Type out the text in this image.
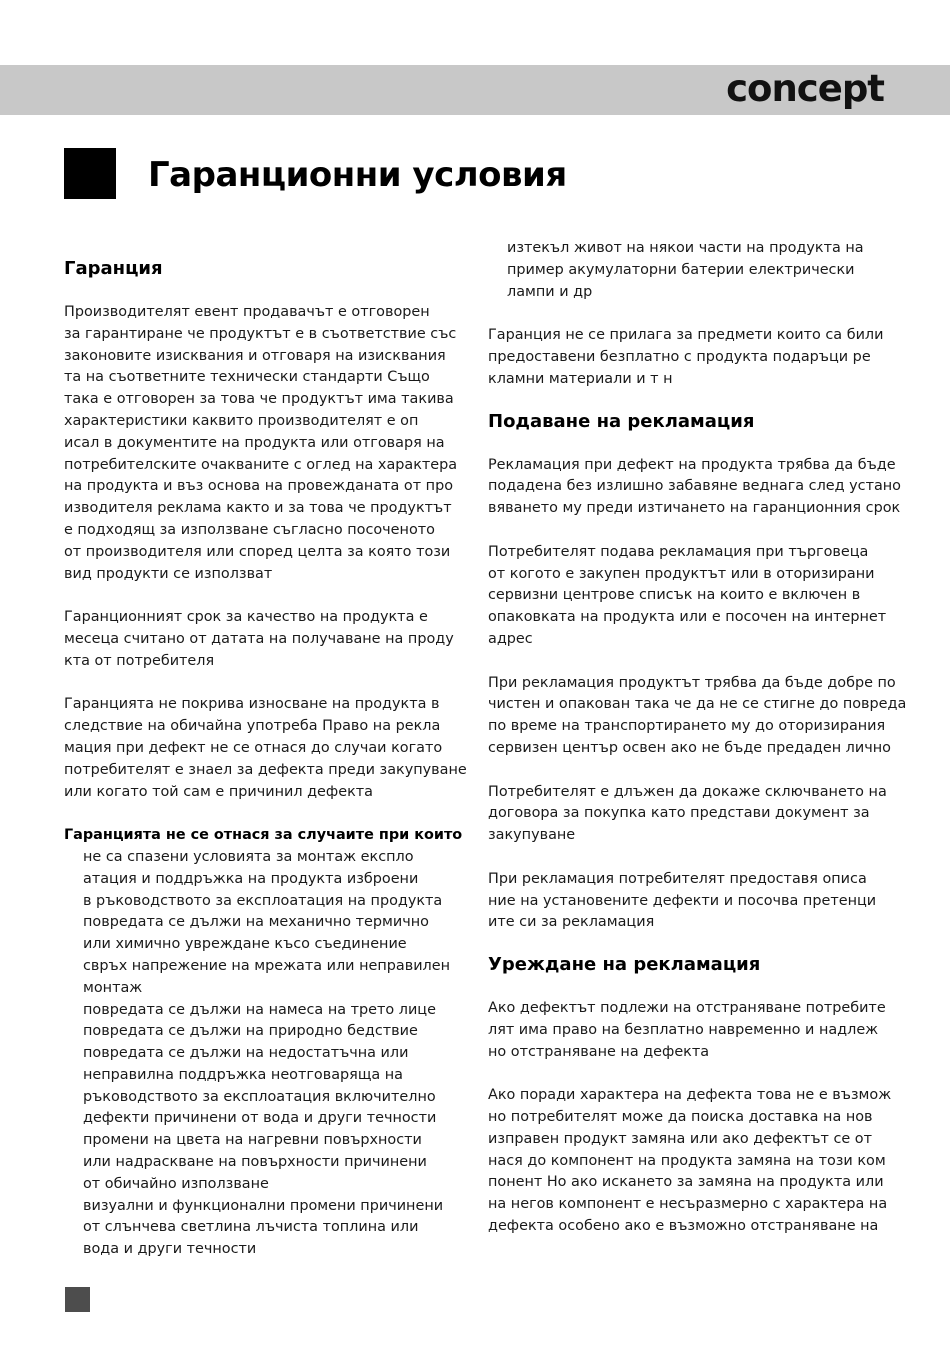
concept
Гаранционни условия
Гаранция
Производителят евент продавачът е отговорен
за гарантиране че продуктът е в съответствие със
законовите изисквания и отговаря на изисквания
та на съответните технически стандарти Също
така е отговорен за това че продуктът има такива
характеристики каквито производителят е оп
исал в документите на продукта или отговаря на
потребителските очакваните с оглед на характера
на продукта и въз основа на провежданата от про
изводителя реклама както и за това че продуктът
е подходящ за използване съгласно посоченото
от производителя или според целта за която този
вид продукти се използват
Гаранционният срок за качество на продукта е
месеца считано от датата на получаване на проду
кта от потребителя
Гаранцията не покрива износване на продукта в
следствие на обичайна употреба Право на рекла
мация при дефект не се отнася до случаи когато
потребителят е знаел за дефекта преди закупуване
или когато той сам е причинил дефекта
Гаранцията не се отнася за случаите при които
не са спазени условията за монтаж експло
атация и поддръжка на продукта изброени
в ръководството за експлоатация на продукта
повредата се дължи на механично термично
или химично увреждане късо съединение
свръх напрежение на мрежата или неправилен
монтаж
повредата се дължи на намеса на трето лице
повредата се дължи на природно бедствие
повредата се дължи на недостатъчна или
неправилна поддръжка неотговаряща на
ръководството за експлоатация включително
дефекти причинени от вода и други течности
промени на цвета на нагревни повърхности
или надраскване на повърхности причинени
от обичайно използване
визуални и функционални промени причинени
от слънчева светлина лъчиста топлина или
вода и други течности
изтекъл живот на някои части на продукта на
пример акумулаторни батерии електрически
лампи и др
Гаранция не се прилага за предмети които са били
предоставени безплатно с продукта подаръци ре
кламни материали и т н
Подаване на рекламация
Рекламация при дефект на продукта трябва да бъде
подадена без излишно забавяне веднага след устано
вяването му преди изтичането на гаранционния срок
Потребителят подава рекламация при търговеца
от когото е закупен продуктът или в оторизирани
сервизни центрове списък на които е включен в
опаковката на продукта или е посочен на интернет
адрес
При рекламация продуктът трябва да бъде добре по
чистен и опакован така че да не се стигне до повреда
по време на транспортирането му до оторизирания
сервизен център освен ако не бъде предаден лично
Потребителят е длъжен да докаже сключването на
договора за покупка като представи документ за
закупуване
При рекламация потребителят предоставя описа
ние на установените дефекти и посочва претенци
ите си за рекламация
Уреждане на рекламация
Ако дефектът подлежи на отстраняване потребите
лят има право на безплатно навременно и надлеж
но отстраняване на дефекта
Ако поради характера на дефекта това не е възмож
но потребителят може да поиска доставка на нов
изправен продукт замяна или ако дефектът се от
нася до компонент на продукта замяна на този ком
понент Но ако искането за замяна на продукта или
на негов компонент е несъразмерно с характера на
дефекта особено ако е възможно отстраняване на
